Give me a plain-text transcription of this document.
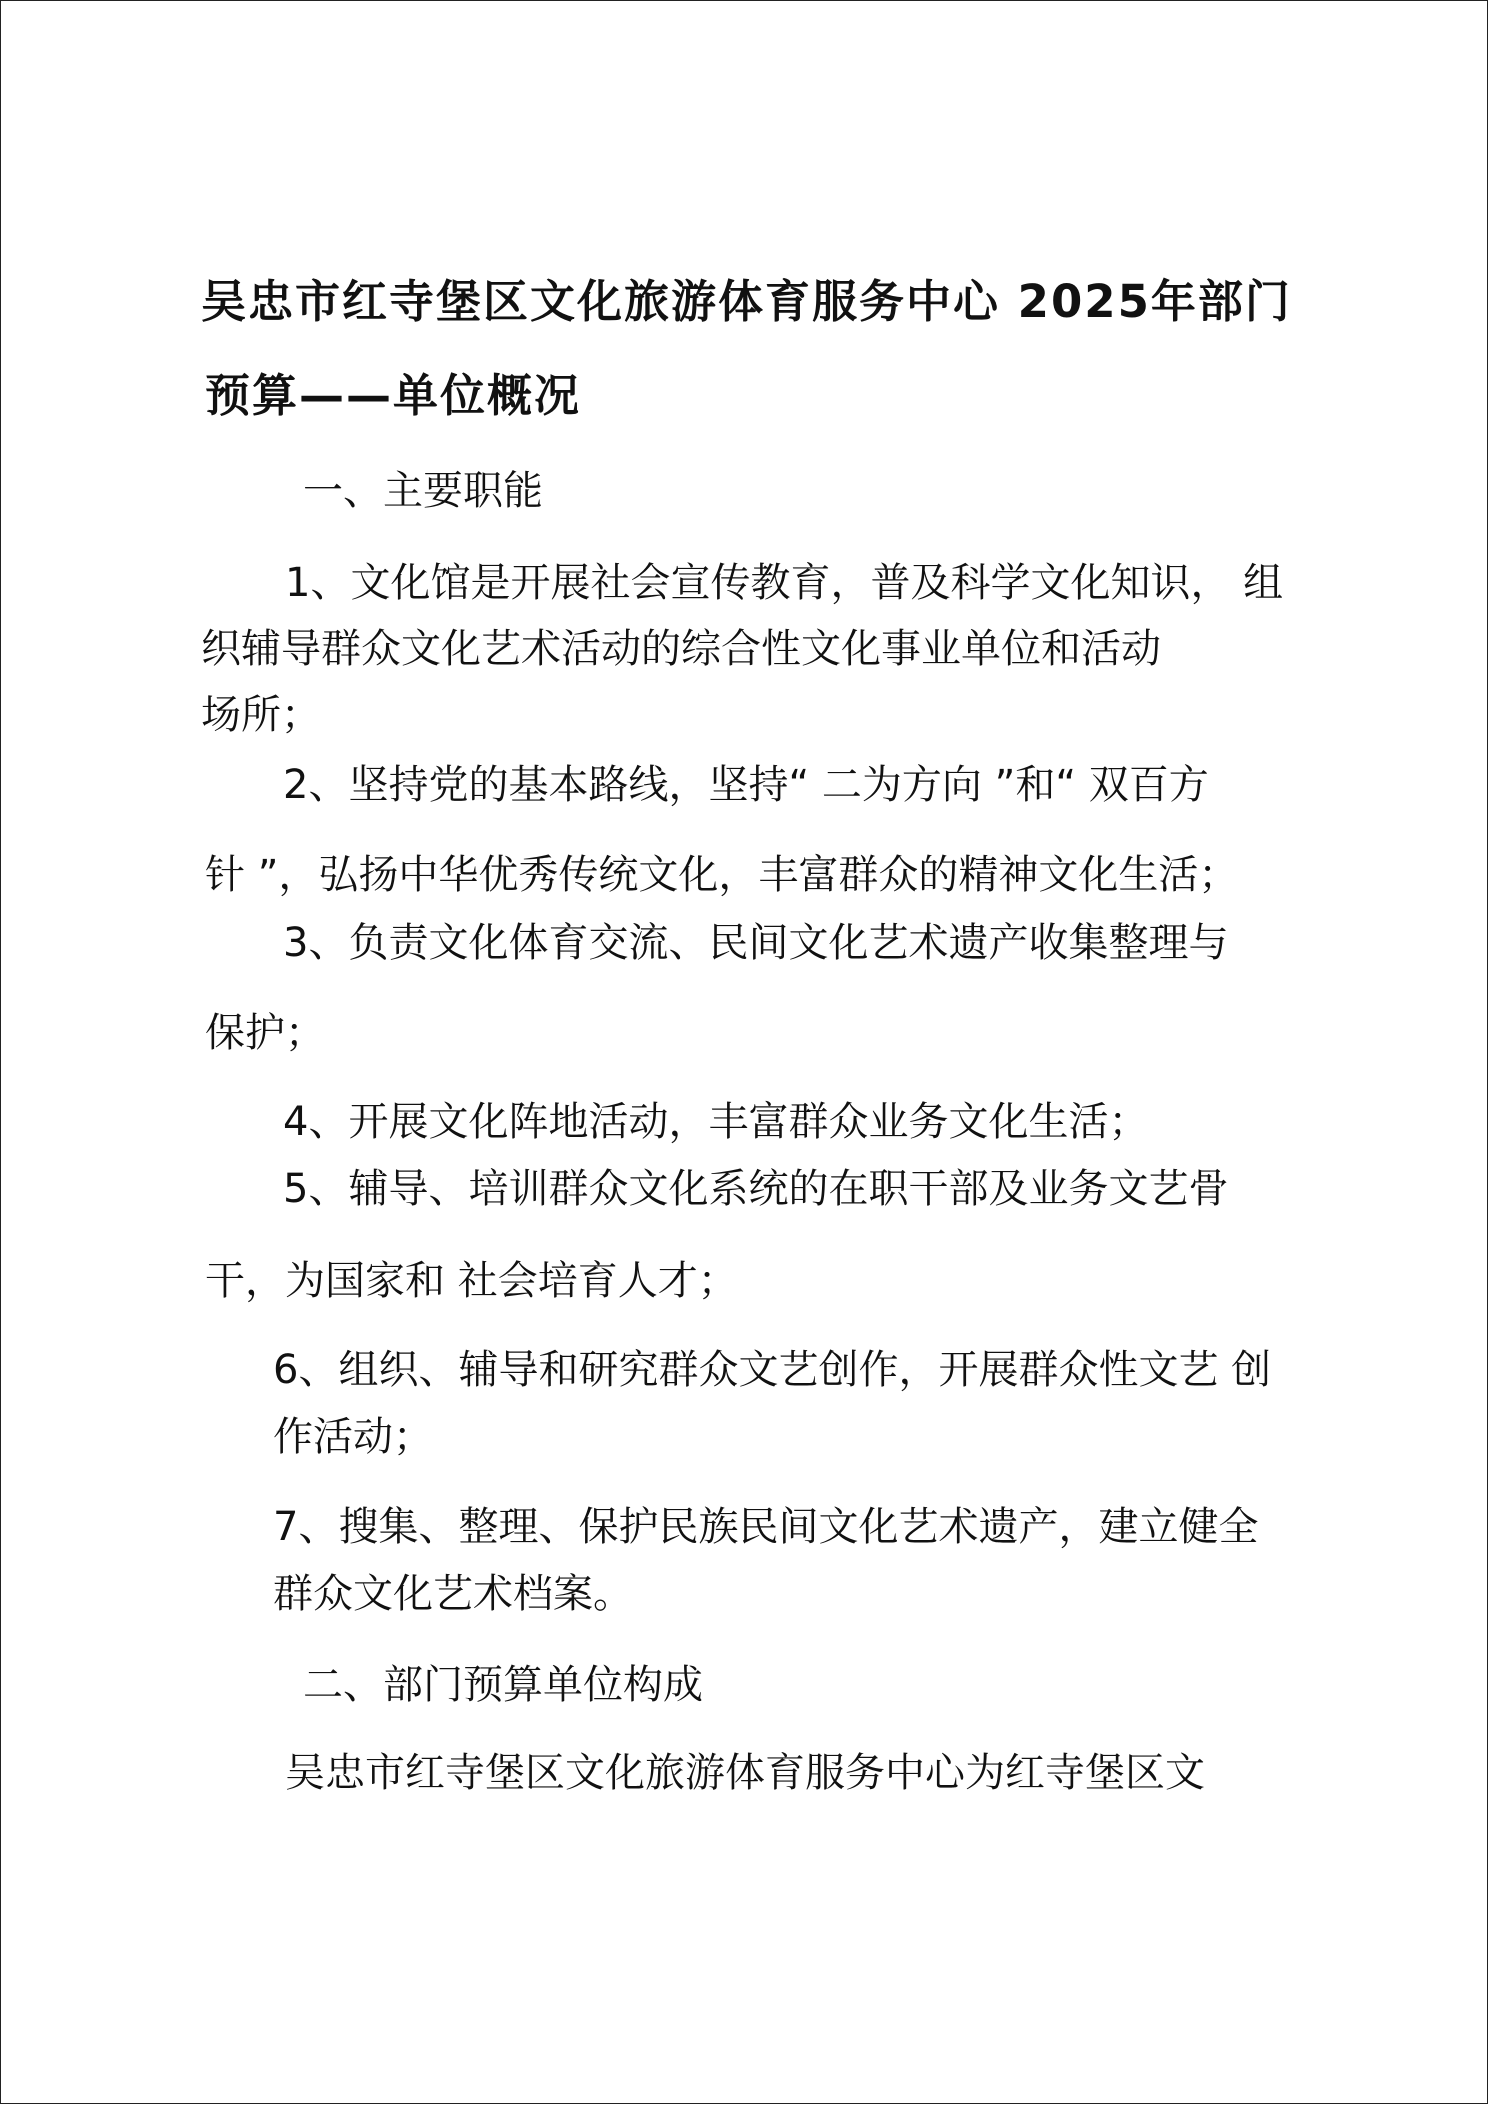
吴忠市红寺堡区文化旅游体育服务中心 2025年部门
预算——单位概况
一、主要职能
1、文化馆是开展社会宣传教育，普及科学文化知识， 组
织辅导群众文化艺术活动的综合性文化事业单位和活动
场所；
2、坚持党的基本路线，坚持“ 二为方向 ”和“ 双百方
针 ”，弘扬中华优秀传统文化，丰富群众的精神文化生活；
3、负责文化体育交流、民间文化艺术遗产收集整理与
保护；
4、开展文化阵地活动，丰富群众业务文化生活；
5、辅导、培训群众文化系统的在职干部及业务文艺骨
干，为国家和 社会培育人才；
6、组织、辅导和研究群众文艺创作，开展群众性文艺 创
作活动；
7、搜集、整理、保护民族民间文化艺术遗产，建立健全
群众文化艺术档案。
二、部门预算单位构成
吴忠市红寺堡区文化旅游体育服务中心为红寺堡区文
